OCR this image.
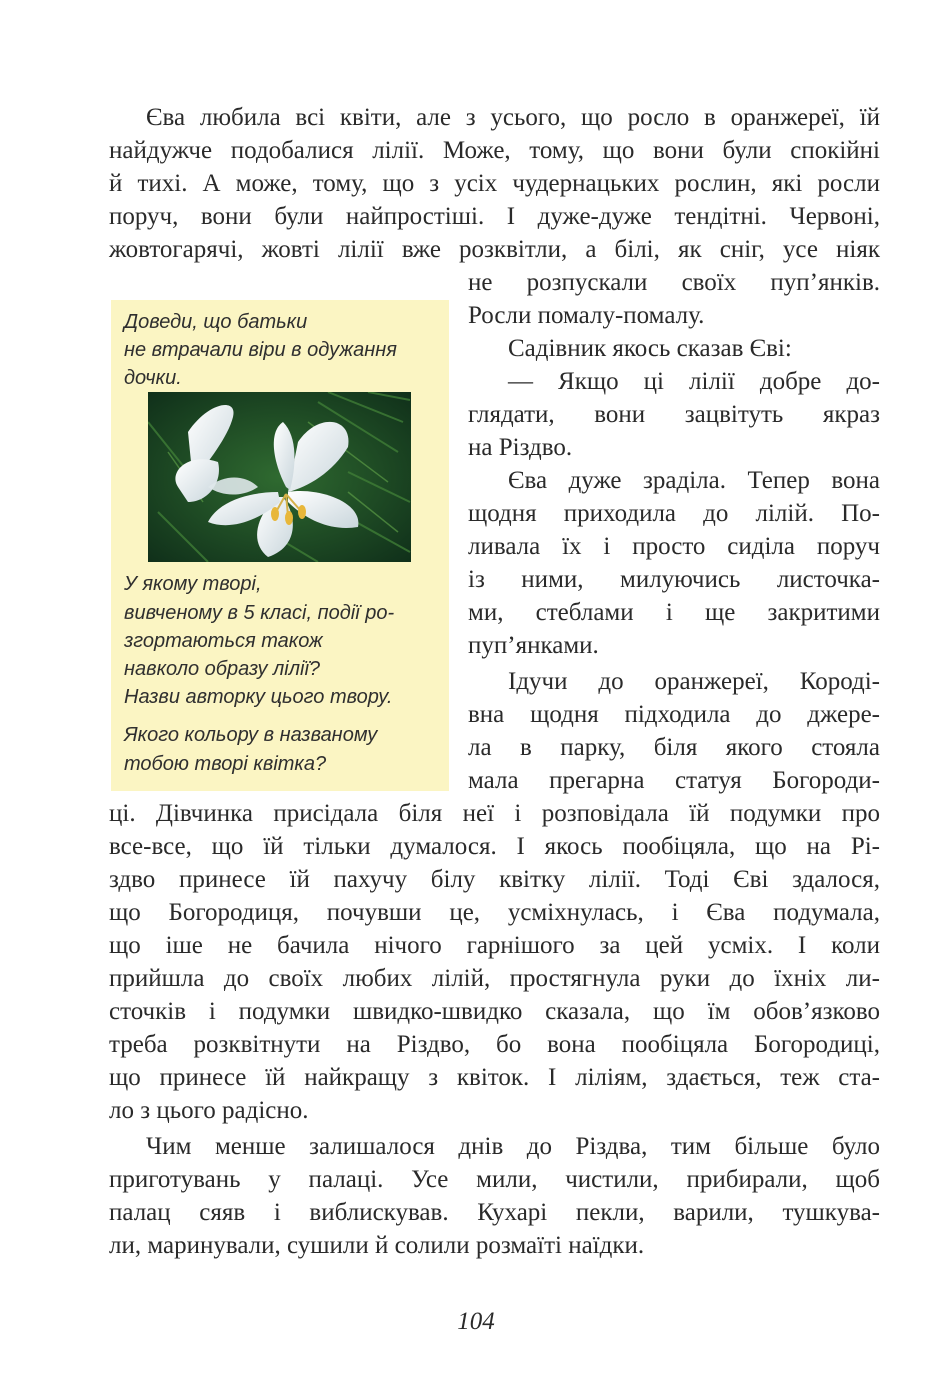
Єва любила всі квіти, але з усього, що росло в оранжереї, їй
найдужче подобалися лілії. Може, тому, що вони були спокійні
й тихі. А може, тому, що з усіх чудернацьких рослин, які росли
поруч, вони були найпростіші. І дуже-дуже тендітні. Червоні,
жовтогарячі, жовті лілії вже розквітли, а білі, як сніг, усе ніяк
не розпускали своїх пуп’янків.
Росли помалу-помалу.
Садівник якось сказав Єві:
— Якщо ці лілії добре до-
глядати, вони зацвітуть якраз
на Різдво.
Єва дуже зраділа. Тепер вона
щодня приходила до лілій. По-
ливала їх і просто сиділа поруч
із ними, милуючись листочка-
ми, стеблами і ще закритими
пуп’янками.
Ідучи до оранжереї, Короді-
вна щодня підходила до джере-
ла в парку, біля якого стояла
мала прегарна статуя Богороди-
ці. Дівчинка присідала біля неї і розповідала їй подумки про
все-все, що їй тільки думалося. І якось пообіцяла, що на Рі-
здво принесе їй пахучу білу квітку лілії. Тоді Єві здалося,
що Богородиця, почувши це, усміхнулась, і Єва подумала,
що іше не бачила нічого гарнішого за цей усміх. І коли
прийшла до своїх любих лілій, простягнула руки до їхніх ли-
сточків і подумки швидко-швидко сказала, що їм обов’язково
треба розквітнути на Різдво, бо вона пообіцяла Богородиці,
що принесе їй найкращу з квіток. І ліліям, здається, теж ста-
ло з цього радісно.
Чим менше залишалося днів до Різдва, тим більше було
приготувань у палаці. Усе мили, чистили, прибирали, щоб
палац сяяв і виблискував. Кухарі пекли, варили, тушкува-
ли, маринували, сушили й солили розмаїті наїдки.
Доведи, що батьки
не втрачали віри в одужання
дочки.
У якому творі,
вивченому в 5 класі, події ро-
згортаються також
навколо образу лілії?
Назви авторку цього твору.
Якого кольору в названому
тобою творі квітка?
104
